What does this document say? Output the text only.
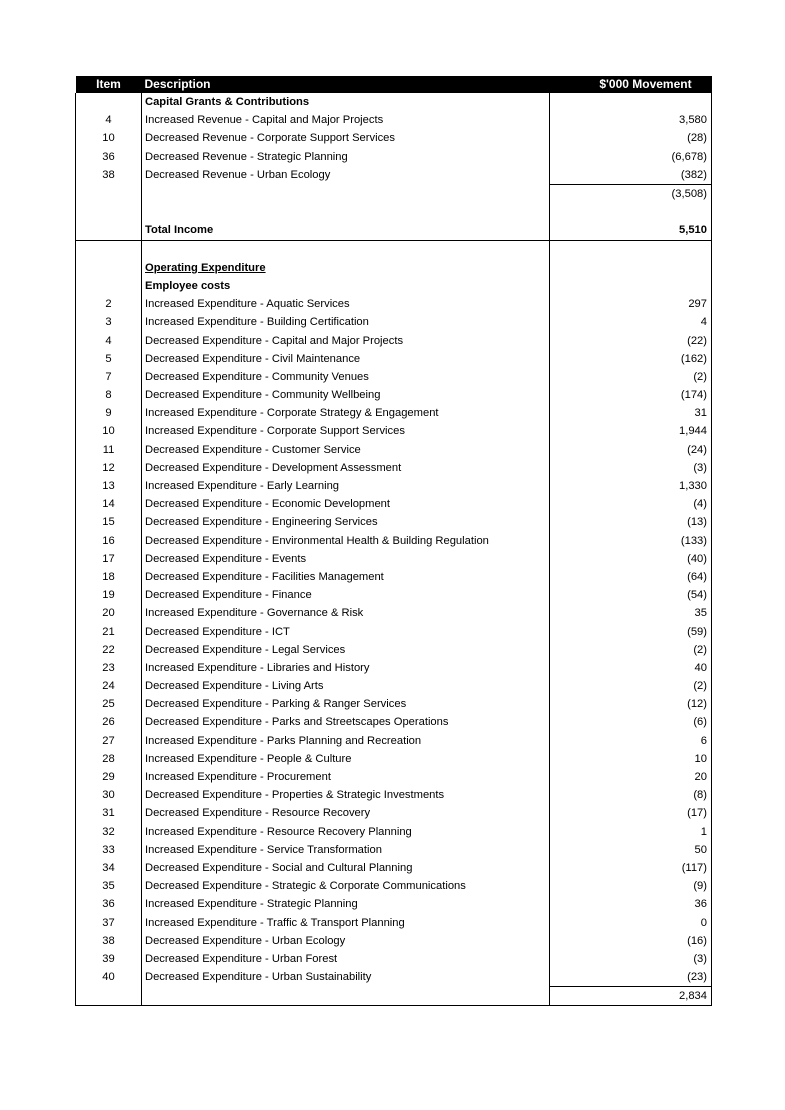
Item	Description	$'000 Movement
	Capital Grants & Contributions	
4	Increased Revenue - Capital and Major Projects	3,580
10	Decreased Revenue - Corporate Support Services	(28)
36	Decreased Revenue - Strategic Planning	(6,678)
38	Decreased Revenue - Urban Ecology	(382)
		(3,508)

	Total Income	5,510

	Operating Expenditure	
	Employee costs	
2	Increased Expenditure - Aquatic Services	297
3	Increased Expenditure - Building Certification	4
4	Decreased Expenditure - Capital and Major Projects	(22)
5	Decreased Expenditure - Civil Maintenance	(162)
7	Decreased Expenditure - Community Venues	(2)
8	Decreased Expenditure - Community Wellbeing	(174)
9	Increased Expenditure - Corporate Strategy & Engagement	31
10	Increased Expenditure - Corporate Support Services	1,944
11	Decreased Expenditure - Customer Service	(24)
12	Decreased Expenditure - Development Assessment	(3)
13	Increased Expenditure - Early Learning	1,330
14	Decreased Expenditure - Economic Development	(4)
15	Decreased Expenditure - Engineering Services	(13)
16	Decreased Expenditure - Environmental Health & Building Regulation	(133)
17	Decreased Expenditure - Events	(40)
18	Decreased Expenditure - Facilities Management	(64)
19	Decreased Expenditure - Finance	(54)
20	Increased Expenditure - Governance & Risk	35
21	Decreased Expenditure - ICT	(59)
22	Decreased Expenditure - Legal Services	(2)
23	Increased Expenditure - Libraries and History	40
24	Decreased Expenditure - Living Arts	(2)
25	Decreased Expenditure - Parking & Ranger Services	(12)
26	Decreased Expenditure - Parks and Streetscapes Operations	(6)
27	Increased Expenditure - Parks Planning and Recreation	6
28	Increased Expenditure - People & Culture	10
29	Increased Expenditure - Procurement	20
30	Decreased Expenditure - Properties & Strategic Investments	(8)
31	Decreased Expenditure - Resource Recovery	(17)
32	Increased Expenditure - Resource Recovery Planning	1
33	Increased Expenditure - Service Transformation	50
34	Decreased Expenditure - Social and Cultural Planning	(117)
35	Decreased Expenditure - Strategic & Corporate Communications	(9)
36	Increased Expenditure - Strategic Planning	36
37	Increased Expenditure - Traffic & Transport Planning	0
38	Decreased Expenditure - Urban Ecology	(16)
39	Decreased Expenditure - Urban Forest	(3)
40	Decreased Expenditure - Urban Sustainability	(23)
		2,834
